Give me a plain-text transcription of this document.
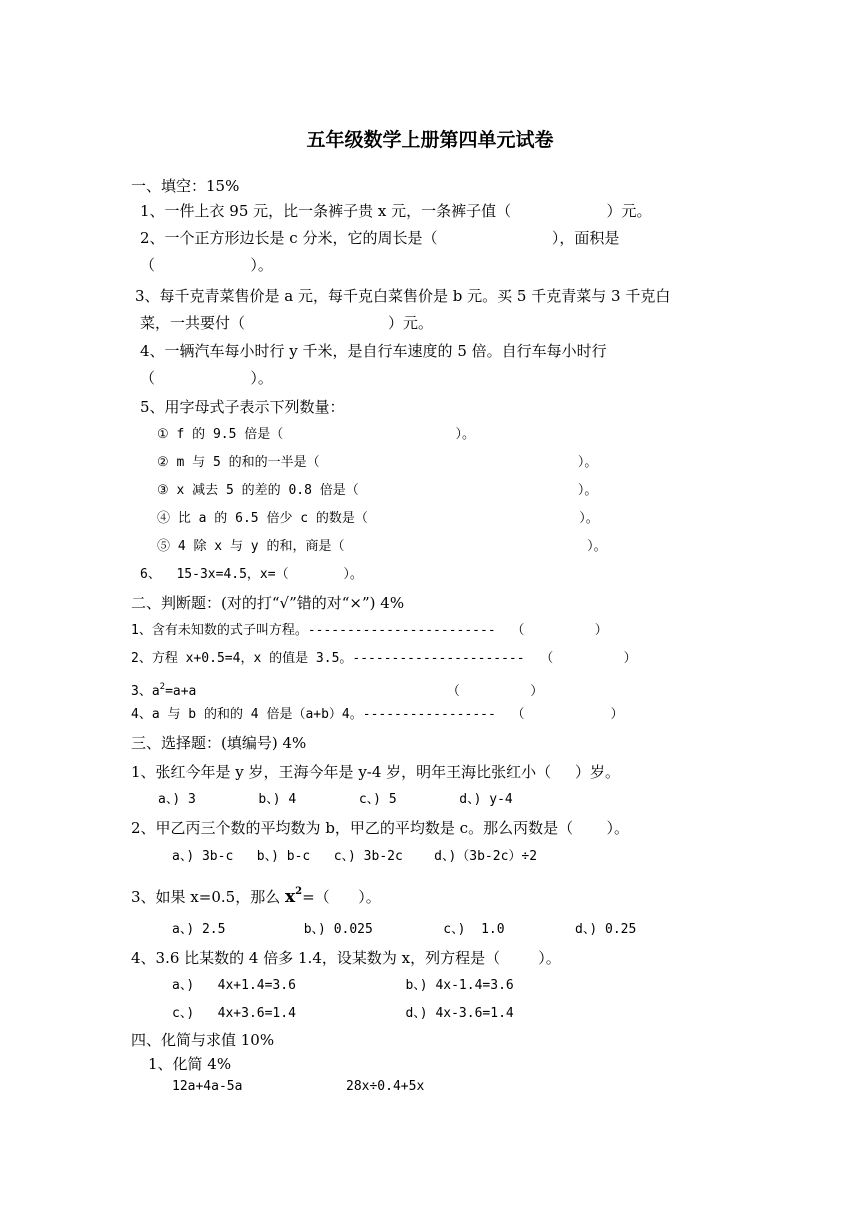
五年级数学上册第四单元试卷
一、填空：15%
1、一件上衣 95 元，比一条裤子贵 x 元，一条裤子值（                    ）元。
2、一个正方形边长是 c 分米，它的周长是（                        ），面积是
（                    ）。
3、每千克青菜售价是 a 元，每千克白菜售价是 b 元。买 5 千克青菜与 3 千克白
菜，一共要付（                              ）元。
4、一辆汽车每小时行 y 千米，是自行车速度的 5 倍。自行车每小时行
（                    ）。
5、用字母式子表示下列数量：
① f 的 9.5 倍是（                      ）。
② m 与 5 的和的一半是（                                 ）。
③ x 减去 5 的差的 0.8 倍是（                            ）。
④ 比 a 的 6.5 倍少 c 的数是（                           ）。
⑤ 4 除 x 与 y 的和，商是（                               ）。
6、  15-3x=4.5，x=（       ）。
二、判断题：(对的打“√”错的对“×”) 4%
1、含有未知数的式子叫方程。------------------------  （         ）
2、方程 x+0.5=4，x 的值是 3.5。----------------------  （         ）
3、$a^2=a+a$                                （         ）
4、a 与 b 的和的 4 倍是（a+b）4。-----------------  （           ）
三、选择题：(填编号) 4%
1、张红今年是 y 岁，王海今年是 y-4 岁，明年王海比张红小（     ）岁。
a、) 3        b、) 4        c、) 5        d、) y-4
2、甲乙丙三个数的平均数为 b，甲乙的平均数是 c。那么丙数是（       ）。
a、) 3b-c   b、) b-c   c、) 3b-2c    d、)（3b-2c）÷2
3、如果 x=0.5，那么 $x^2=$（      ）。
a、) 2.5          b、) 0.025         c、)  1.0         d、) 0.25
4、3.6 比某数的 4 倍多 1.4，设某数为 x，列方程是（        ）。
a、)   4x+1.4=3.6              b、) 4x-1.4=3.6
c、)   4x+3.6=1.4              d、) 4x-3.6=1.4
四、化简与求值 10%
1、化简 4%
12a+4a-5a	28x÷0.4+5x
